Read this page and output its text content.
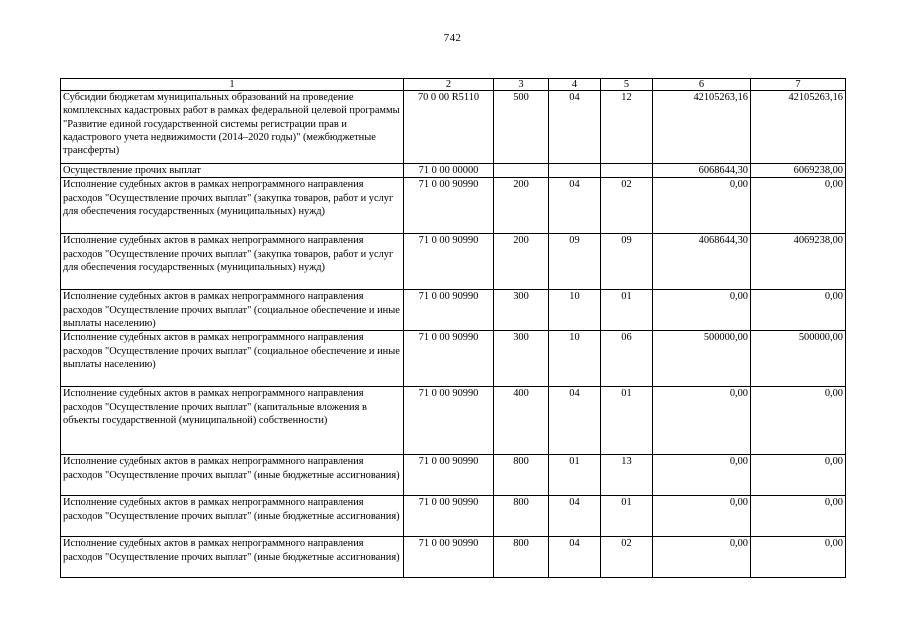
742
1	2	3	4	5	6	7
Субсидии бюджетам муниципальных образований на проведение комплексных кадастровых работ в рамках федеральной целевой программы "Развитие единой государственной системы регистрации прав и кадастрового учета недвижимости (2014–2020 годы)" (межбюджетные трансферты)	70 0 00 R5110	500	04	12	42105263,16	42105263,16
Осуществление прочих выплат	71 0 00 00000				6068644,30	6069238,00
Исполнение судебных актов в рамках непрограммного направления расходов "Осуществление прочих выплат" (закупка товаров, работ и услуг для обеспечения государственных (муниципальных) нужд)	71 0 00 90990	200	04	02	0,00	0,00
Исполнение судебных актов в рамках непрограммного направления расходов "Осуществление прочих выплат" (закупка товаров, работ и услуг для обеспечения государственных (муниципальных) нужд)	71 0 00 90990	200	09	09	4068644,30	4069238,00
Исполнение судебных актов в рамках непрограммного направления расходов "Осуществление прочих выплат" (социальное обеспечение и иные выплаты населению)	71 0 00 90990	300	10	01	0,00	0,00
Исполнение судебных актов в рамках непрограммного направления расходов "Осуществление прочих выплат" (социальное обеспечение и иные выплаты населению)	71 0 00 90990	300	10	06	500000,00	500000,00
Исполнение судебных актов в рамках непрограммного направления расходов "Осуществление прочих выплат" (капитальные вложения в объекты государственной (муниципальной) собственности)	71 0 00 90990	400	04	01	0,00	0,00
Исполнение судебных актов в рамках непрограммного направления расходов "Осуществление прочих выплат" (иные бюджетные ассигнования)	71 0 00 90990	800	01	13	0,00	0,00
Исполнение судебных актов в рамках непрограммного направления расходов "Осуществление прочих выплат" (иные бюджетные ассигнования)	71 0 00 90990	800	04	01	0,00	0,00
Исполнение судебных актов в рамках непрограммного направления расходов "Осуществление прочих выплат" (иные бюджетные ассигнования)	71 0 00 90990	800	04	02	0,00	0,00
